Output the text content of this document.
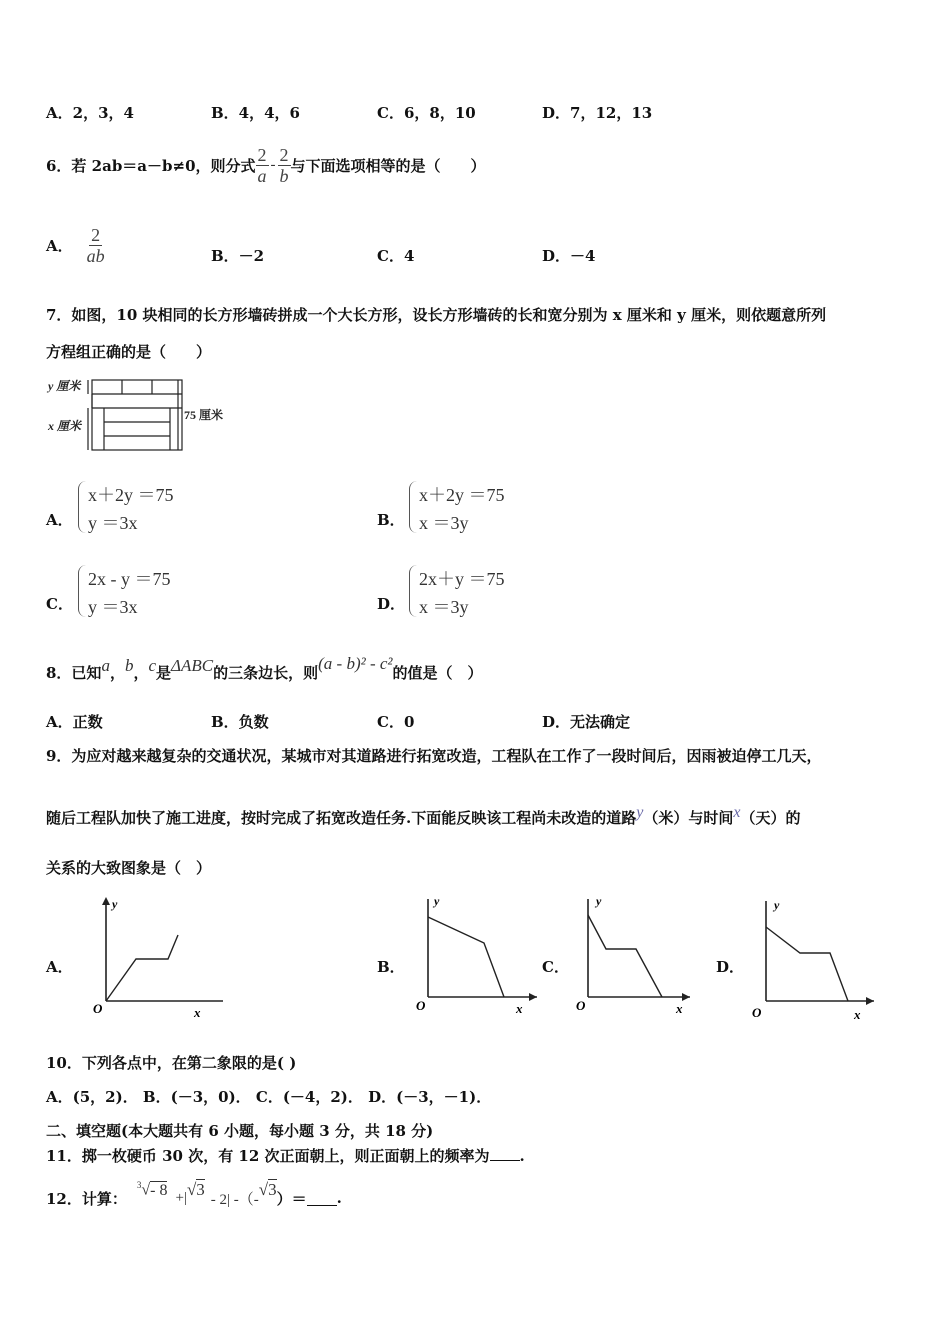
A．2，3，4	B．4，4，6	C．6，8，10	D．7，12，13
6．若 2ab＝a－b≠0，则分式 $\frac{2}{a} - \frac{2}{b}$ 与下面选项相等的是（　　）
A． $\frac{2}{ab}$	B．－2	C．4	D．－4
7．如图，10 块相同的长方形墙砖拼成一个大长方形，设长方形墙砖的长和宽分别为 x 厘米和 y 厘米，则依题意所列
方程组正确的是（　　）
y 厘米
x 厘米
75 厘米
A．
x＋2y ＝75
y ＝3x	B．
x＋2y ＝75
x ＝3y
C．
2x - y ＝75
y ＝3x	D．
2x＋y ＝75
x ＝3y
8．已知 a ， b ， c 是 ΔABC 的三条边长，则 (a - b)² - c² 的值是（　）
A．正数	B．负数	C．0	D．无法确定
9．为应对越来越复杂的交通状况，某城市对其道路进行拓宽改造，工程队在工作了一段时间后，因雨被迫停工几天，
随后工程队加快了施工进度，按时完成了拓宽改造任务.下面能反映该工程尚未改造的道路y（米）与时间x（天）的
关系的大致图象是（　）
A．	B．	C．	D．
y
O	x
y
O	x
y
O	x
y
O	x
10．下列各点中，在第二象限的是( )
A．(5，2)． B．(－3，0)． C．(－4，2)． D．(－3，－1)．
二、填空题(本大题共有 6 小题，每小题 3 分，共 18 分)
11．掷一枚硬币 30 次，有 12 次正面朝上，则正面朝上的频率为 .
12．计算：
$^3$√- 8 +| √3
- 2| -（-
√3 ）＝ .
